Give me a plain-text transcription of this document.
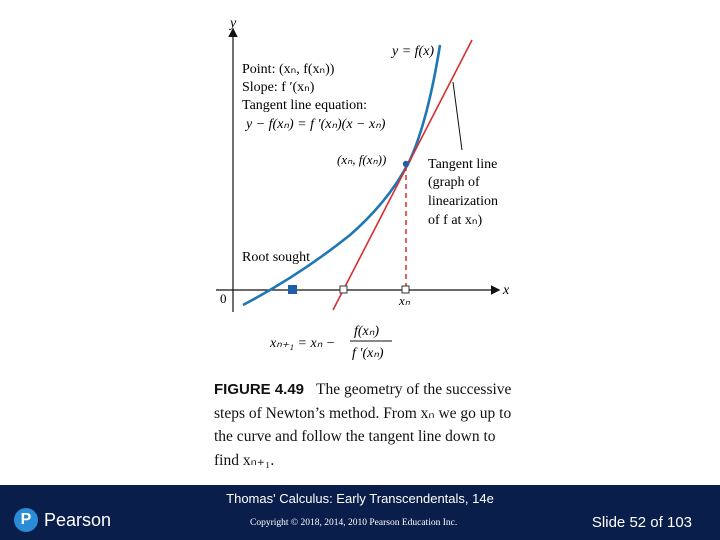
y
x
0
y = f(x)
Point: (xₙ, f(xₙ))
Slope: f ′(xₙ)
Tangent line equation:
y − f(xₙ) = f ′(xₙ)(x − xₙ)
(xₙ, f(xₙ))	Tangent line
(graph of
linearization
of f at xₙ)
Root sought
xₙ
xₙ₊₁ = xₙ −
f(xₙ)
f ′(xₙ)
FIGURE 4.49 The geometry of the successive steps of Newton’s method. From xₙ we go up to the curve and follow the tangent line down to find xₙ₊₁.
Thomas' Calculus: Early Transcendentals, 14e
P Pearson	Copyright © 2018, 2014, 2010 Pearson Education Inc.	Slide 52 of 103
